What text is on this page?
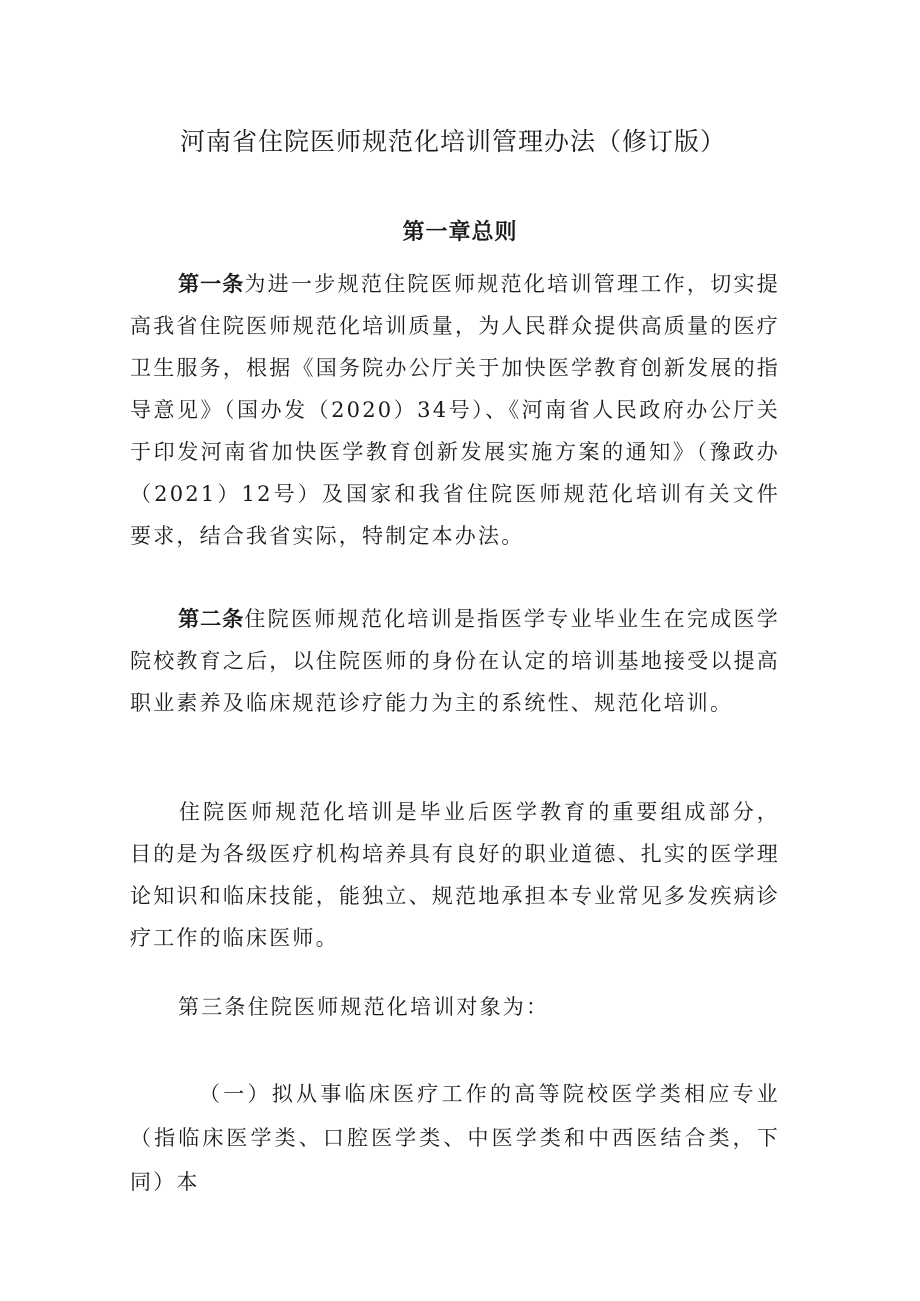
河南省住院医师规范化培训管理办法（修订版）
第一章总则

第一条为进一步规范住院医师规范化培训管理工作，切实提高我省住院医师规范化培训质量，为人民群众提供高质量的医疗卫生服务，根据《国务院办公厅关于加快医学教育创新发展的指导意见》（国办发（2020）34号）、《河南省人民政府办公厅关于印发河南省加快医学教育创新发展实施方案的通知》（豫政办（2021）12号）及国家和我省住院医师规范化培训有关文件要求，结合我省实际，特制定本办法。

第二条住院医师规范化培训是指医学专业毕业生在完成医学院校教育之后，以住院医师的身份在认定的培训基地接受以提高职业素养及临床规范诊疗能力为主的系统性、规范化培训。

住院医师规范化培训是毕业后医学教育的重要组成部分，目的是为各级医疗机构培养具有良好的职业道德、扎实的医学理论知识和临床技能，能独立、规范地承担本专业常见多发疾病诊疗工作的临床医师。

第三条住院医师规范化培训对象为：

（一）拟从事临床医疗工作的高等院校医学类相应专业（指临床医学类、口腔医学类、中医学类和中西医结合类，下同）本
